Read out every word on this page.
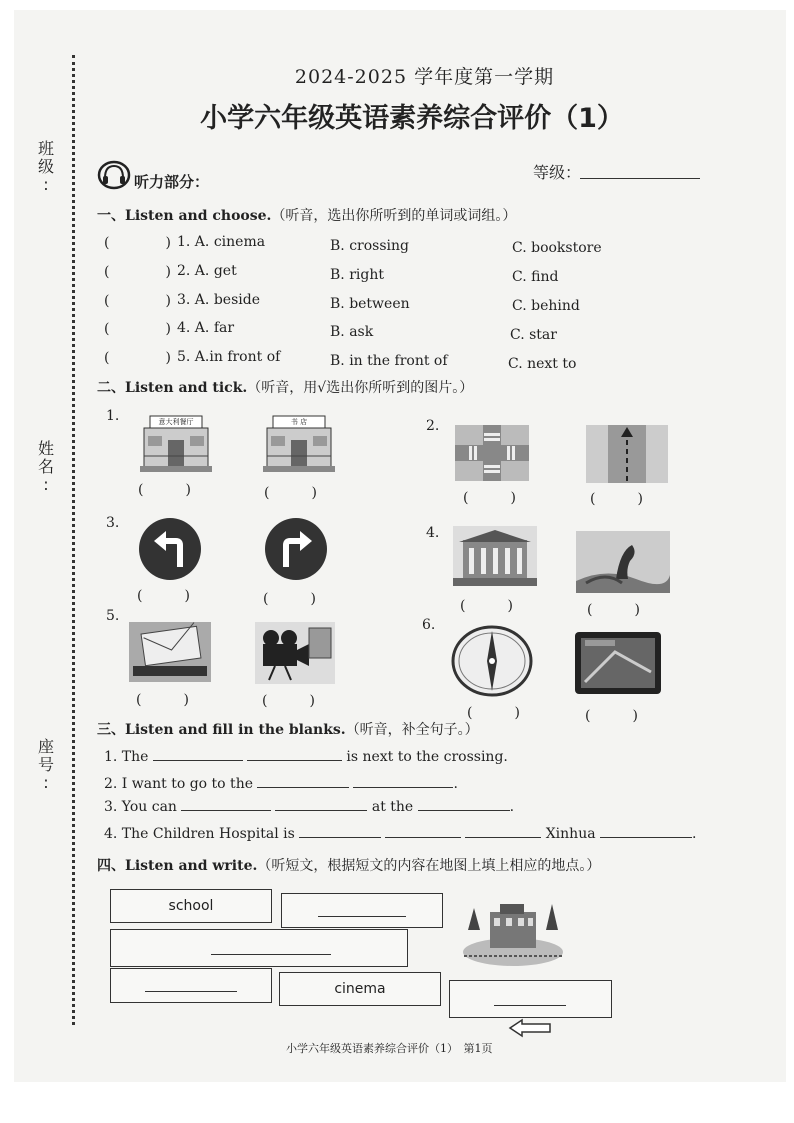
班
级
:
姓
名
:
座
号
:
2024-2025 学年度第一学期
小学六年级英语素养综合评价（1）
听力部分：	等级：
一、Listen and choose.（听音，选出你所听到的单词或词组。）
(　　　　) 1. A. cinema	B. crossing	C. bookstore
(　　　　) 2. A. get	B. right	C. find
(　　　　) 3. A. beside	B. between	C. behind
(　　　　) 4. A. far	B. ask	C. star
(　　　　) 5. A.in front of	B. in the front of	C. next to
二、Listen and tick.（听音，用√选出你所听到的图片。）
1.
2.
3.
4.
5.
6.
意大利餐厅
(　　　)
书 店
(　　　)	(　　　)	(　　　)
(　　　)	(　　　)	(　　　)	(　　　)
(　　　)	(　　　)
(　　　)	(　　　)
三、Listen and fill in the blanks.（听音，补全句子。）
1. The	is next to the crossing.
2. I want to go to the	.
3. You can	at the	.
4. The Children Hospital is	Xinhua	.
四、Listen and write.（听短文，根据短文的内容在地图上填上相应的地点。）
school
cinema
小学六年级英语素养综合评价（1）　第1页
